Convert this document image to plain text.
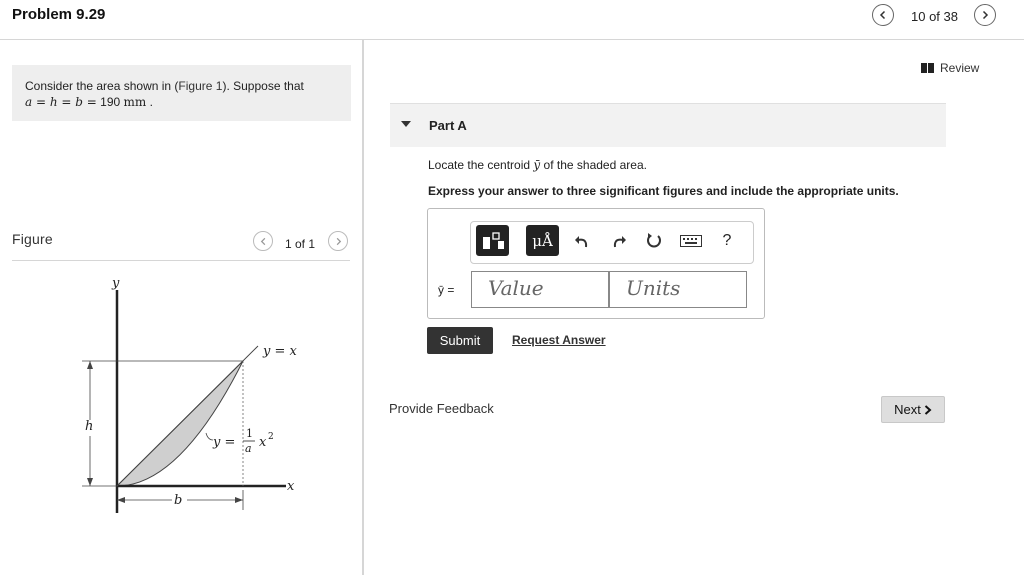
Problem 9.29	10 of 38
Consider the area shown in (Figure 1). Suppose that
a = h = b = 190 mm .
Figure	1 of 1
y
x
y = x
h
b
y =
1
a x 2
Review
Part A
Locate the centroid ȳ of the shaded area.
Express your answer to three significant figures and include the appropriate units.
μÅ	?
ȳ =	Value	Units
Submit	Request Answer
Provide Feedback	Next
